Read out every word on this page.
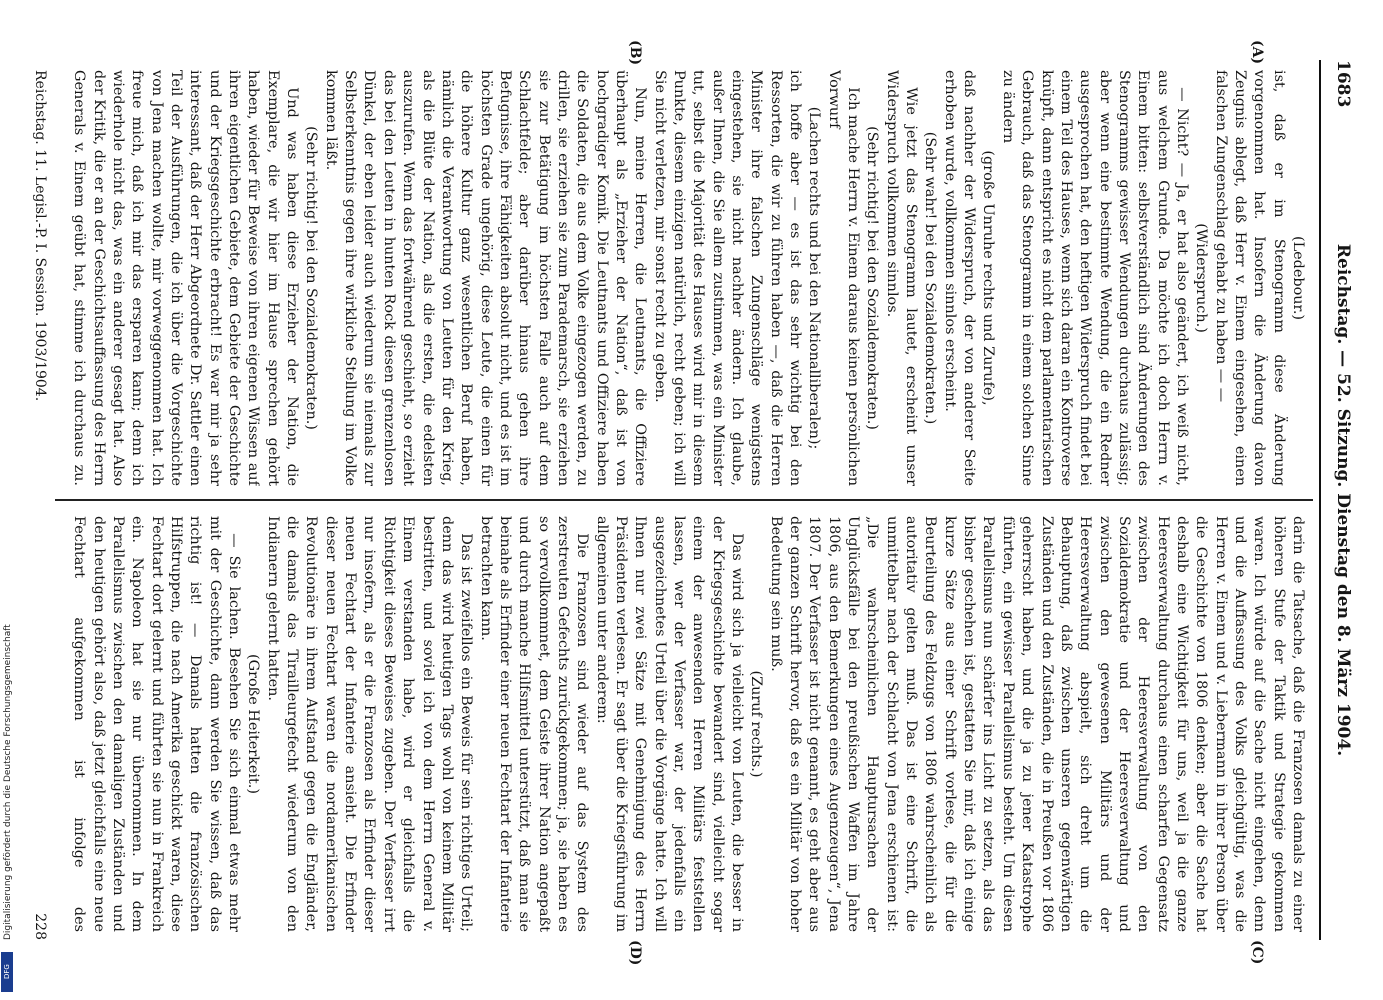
1683
Reichstag. — 52. Sitzung. Dienstag den 8. März 1904.
(A)
(B)
(C)
(D)

(Ledebour.)

ist, daß er im Stenogramm diese Änderung vorgenommen hat. Insofern die Änderung davon Zeugnis ablegt, daß Herr v. Einem eingesehen, einen falschen Zungenschlag gehabt zu haben — —

(Widerspruch.)

— Nicht? — Ja, er hat also geändert, ich weiß nicht, aus welchem Grunde. Da möchte ich doch Herrn v. Einem bitten: selbstverständlich sind Änderungen des Stenogramms gewisser Wendungen durchaus zulässig; aber wenn eine bestimmte Wendung, die ein Redner ausgesprochen hat, den heftigen Widerspruch findet bei einem Teil des Hauses, wenn sich daran ein Kontroverse knüpft, dann entspricht es nicht dem parlamentarischen Gebrauch, daß das Stenogramm in einem solchen Sinne zu ändern

(große Unruhe rechts und Zurufe),

daß nachher der Widerspruch, der von anderer Seite erhoben wurde, vollkommen sinnlos erscheint.

(Sehr wahr! bei den Sozialdemokraten.)

Wie jetzt das Stenogramm lautet, erscheint unser Widerspruch vollkommen sinnlos.

(Sehr richtig! bei den Sozialdemokraten.)

Ich mache Herrn v. Einem daraus keinen persönlichen Vorwurf

(Lachen rechts und bei den Nationalliberalen);

ich hoffe aber — es ist das sehr wichtig bei den Ressorten, die wir zu führen haben —, daß die Herren Minister ihre falschen Zungenschläge wenigstens eingestehen, sie nicht nachher ändern. Ich glaube, außer Ihnen, die Sie allem zustimmen, was ein Minister tut, selbst die Majorität des Hauses wird mir in diesem Punkte, diesem einzigen natürlich, recht geben; ich will Sie nicht verletzen, mir sonst recht zu geben.

Nun, meine Herren, die Leutnants, die Offiziere überhaupt als „Erzieher der Nation“, daß ist von hochgradiger Komik. Die Leutnants und Offiziere haben die Soldaten, die aus dem Volke eingezogen werden, zu drillen, sie erziehen sie zum Parademarsch, sie erziehen sie zur Betätigung im höchsten Falle auch auf dem Schlachtfelde; aber darüber hinaus gehen ihre Befugnisse, ihre Fähigkeiten absolut nicht, und es ist im höchsten Grade ungehörig, diese Leute, die einen für die höhere Kultur ganz wesentlichen Beruf haben, nämlich die Verantwortung von Leuten für den Krieg, als die Blüte der Nation, als die ersten, die edelsten auszurufen. Wenn das fortwährend geschieht, so erzieht das bei den Leuten in hunten Rock diesen grenzenlosen Dünkel, der eben leider auch wiederum sie niemals zur Selbsterkenntnis gegen ihre wirkliche Stellung im Volke kommen läßt.

(Sehr richtig! bei den Sozialdemokraten.)

Und was haben diese Erzieher der Nation, die Exemplare, die wir hier im Hause sprechen gehört haben, wieder für Beweise von ihren eigenen Wissen auf ihren eigentlichen Gebiete, dem Gebiete der Geschichte und der Kriegsgeschichte erbracht! Es war mir ja sehr interessant, daß der Herr Abgeordnete Dr. Sattler einen Teil der Ausführungen, die ich über die Vorgeschichte von Jena machen wollte, mir vorweggenommen hat. Ich freue mich, daß ich mir das ersparen kann; denn ich wiederhole nicht das, was ein anderer gesagt hat. Also der Kritik, die er an der Geschichtsauffassung des Herrn Generals v. Einem geübt hat, stimme ich durchaus zu.

darin die Tatsache, daß die Franzosen damals zu einer höheren Stufe der Taktik und Strategie gekommen waren. Ich würde auf die Sache nicht eingehen, denn und die Auffassung des Volks gleichgültig, was die Herren v. Einem und v. Liebermann in ihrer Person über die Geschichte von 1806 denken; aber die Sache hat deshalb eine Wichtigkeit für uns, weil ja die ganze Heeresverwaltung durchaus einen scharfen Gegensatz zwischen der Heeresverwaltung von den Sozialdemokratie und der Heeresverwaltung und zwischen den gewesenen Militärs und der Heeresverwaltung abspielt, sich dreht um die Behauptung, daß zwischen unseren gegenwärtigen Zuständen und den Zuständen, die in Preußen vor 1806 geherrscht haben, und die ja zu jener Katastrophe führten, ein gewisser Parallelismus besteht. Um diesen Parallelismus nun schärfer ins Licht zu setzen, als das bisher geschehen ist, gestatten Sie mir, daß ich einige kurze Sätze aus einer Schrift vorlese, die für die Beurteilung des Feldzugs von 1806 wahrscheinlich als autoritativ gelten muß. Das ist eine Schrift, die unmittelbar nach der Schlacht von Jena erschienen ist: „Die wahrscheinlichen Hauptursachen der Unglücksfälle bei den preußischen Waffen im Jahre 1806, aus den Bemerkungen eines Augenzeugen“, Jena 1807. Der Verfasser ist nicht genannt, es geht aber aus der ganzen Schrift hervor, daß es ein Militär von hoher Bedeutung sein muß.

(Zuruf rechts.)

Das wird sich ja vielleicht von Leuten, die besser in der Kriegsgeschichte bewandert sind, vielleicht sogar einem der anwesenden Herren Militärs feststellen lassen, wer der Verfasser war, der jedenfalls ein ausgezeichnetes Urteil über die Vorgänge hatte. Ich will Ihnen nur zwei Sätze mit Genehmigung des Herrn Präsidenten verlesen. Er sagt über die Kriegsführung im allgemeinen unter anderem:

Die Franzosen sind wieder auf das System des zerstreuten Gefechts zurückgekommen; ja, sie haben es so vervollkommnet, dem Geiste ihrer Nation angepaßt und durch manche Hilfsmittel unterstützt, daß man sie beinahe als Erfinder einer neuen Fechtart der Infanterie betrachten kann.

Das ist zweifellos ein Beweis für sein richtiges Urteil; denn das wird heutigen Tags wohl von keinem Militär bestritten, und soviel ich von dem Herrn General v. Einem verstanden habe, wird er gleichfalls die Richtigkeit dieses Beweises zugeben. Der Verfasser irrt nur insofern, als er die Franzosen als Erfinder dieser neuen Fechtart der Infanterie ansieht. Die Erfinder dieser neuen Fechtart waren die nordamerikanischen Revolutionäre in ihrem Aufstand gegen die Engländer, die damals das Tirailleurgefecht wiederum von den Indianern gelernt hatten.

(Große Heiterkeit.)

— Sie lachen. Besehen Sie sich einmal etwas mehr mit der Geschichte, dann werden Sie wissen, daß das richtig ist! — Damals hatten die französischen Hilfstruppen, die nach Amerika geschickt waren, diese Fechtart dort gelernt und führten sie nun in Frankreich ein. Napoleon hat sie nur übernommen. In dem Parallelismus zwischen den damaligen Zuständen und den heutigen gehört also, daß jetzt gleichfalls eine neue Fechtart aufgekommen ist infolge des

Reichstag. 11. Legisl.-P. I. Session. 1903/1904.
228
Digitalisierung gefördert durch die Deutsche Forschungsgemeinschaft
DFG
